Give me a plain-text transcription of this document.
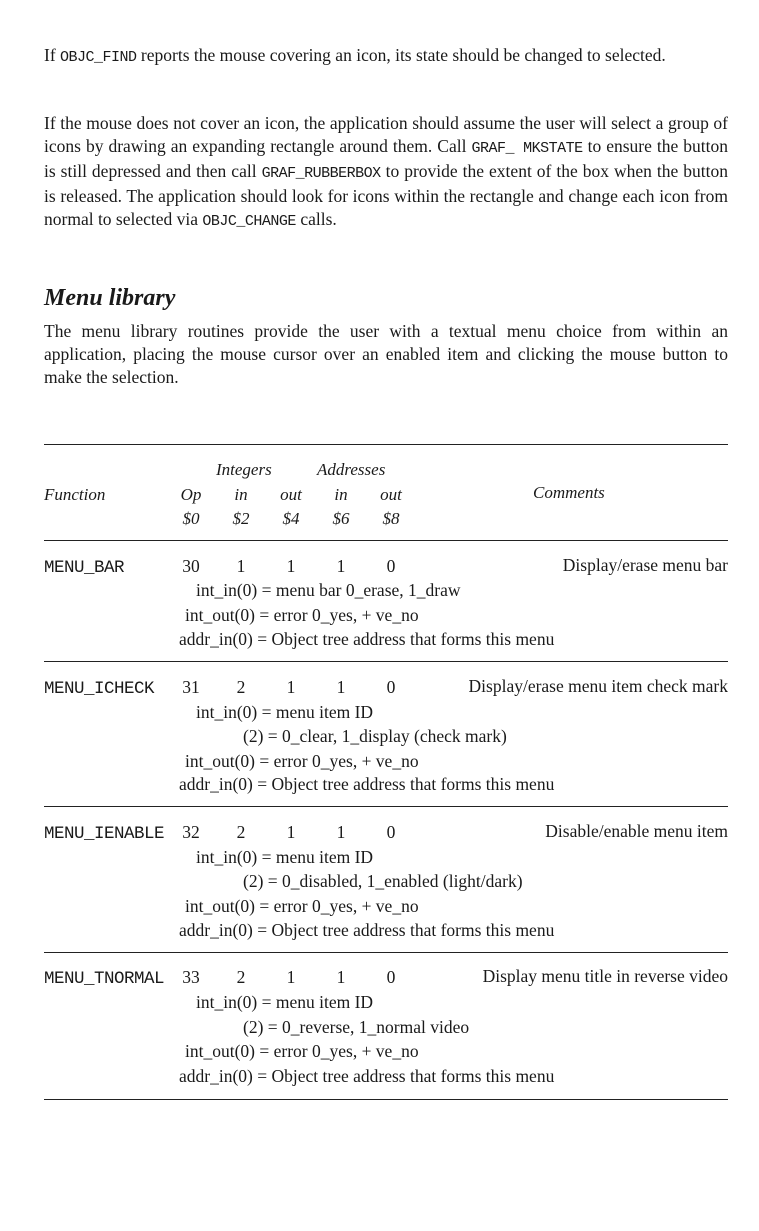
If OBJC_FIND reports the mouse covering an icon, its state should be changed to selected.

If the mouse does not cover an icon, the application should assume the user will select a group of icons by drawing an expanding rectangle around them. Call GRAF_ MKSTATE to ensure the button is still depressed and then call GRAF_RUBBERBOX to provide the extent of the box when the button is released. The application should look for icons within the rectangle and change each icon from normal to selected via OBJC_CHANGE calls.

Menu library

The menu library routines provide the user with a textual menu choice from within an application, placing the mouse cursor over an enabled item and clicking the mouse button to make the selection.

Integers	Addresses
Function	Comments
Op	in	out	in	out
$0	$2	$4	$6	$8
MENU_BAR	30	1	1	1	0	Display/erase menu bar
int_in(0) = menu bar 0_erase, 1_draw
int_out(0) = error 0_yes, + ve_no
addr_in(0) = Object tree address that forms this menu
MENU_ICHECK	31	2	1	1	0	Display/erase menu item check mark
int_in(0) = menu item ID
(2) = 0_clear, 1_display (check mark)
int_out(0) = error 0_yes, + ve_no
addr_in(0) = Object tree address that forms this menu
MENU_IENABLE	32	2	1	1	0	Disable/enable menu item
int_in(0) = menu item ID
(2) = 0_disabled, 1_enabled (light/dark)
int_out(0) = error 0_yes, + ve_no
addr_in(0) = Object tree address that forms this menu
MENU_TNORMAL	33	2	1	1	0	Display menu title in reverse video
int_in(0) = menu item ID
(2) = 0_reverse, 1_normal video
int_out(0) = error 0_yes, + ve_no
addr_in(0) = Object tree address that forms this menu
